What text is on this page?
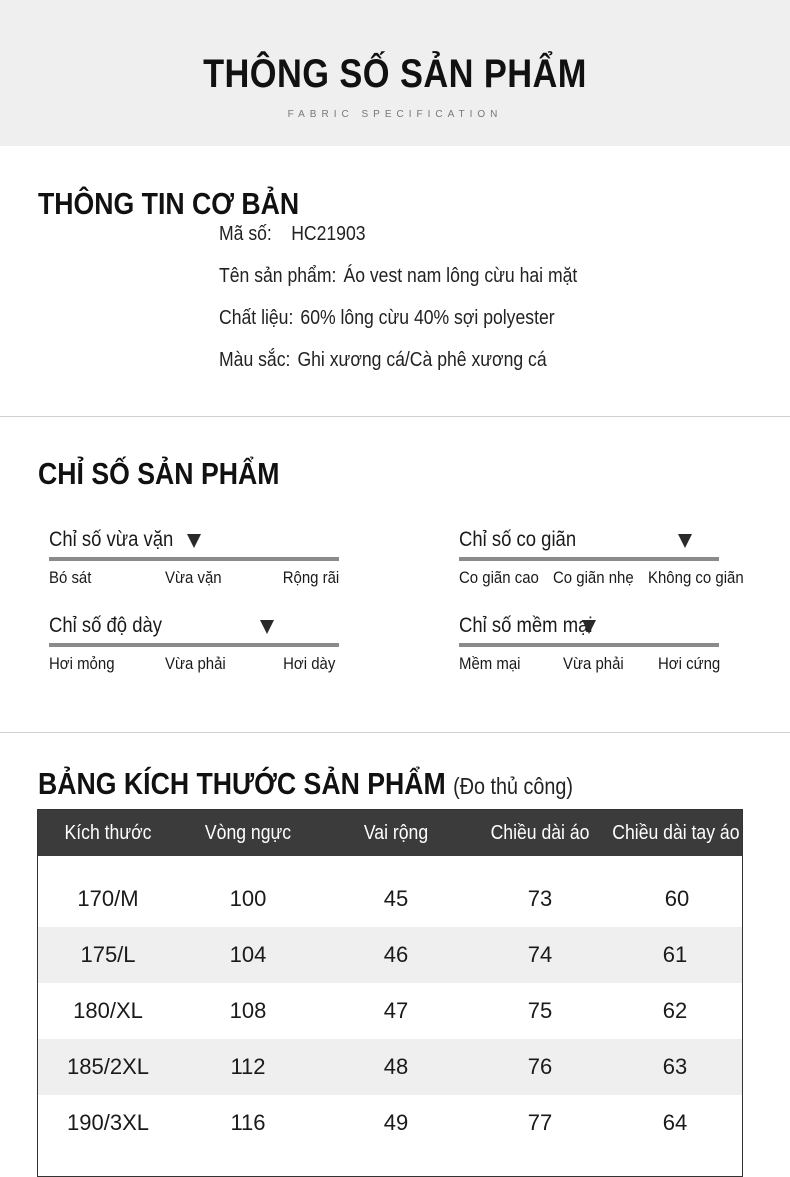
THÔNG SỐ SẢN PHẨM
FABRIC SPECIFICATION
THÔNG TIN CƠ BẢN
Mã số: HC21903
Tên sản phẩm: Áo vest nam lông cừu hai mặt
Chất liệu: 60% lông cừu 40% sợi polyester
Màu sắc: Ghi xương cá/Cà phê xương cá
CHỈ SỐ SẢN PHẨM
Chỉ số vừa vặn
Bó sát	Vừa vặn	Rộng rãi
Chỉ số co giãn
Co giãn cao Co giãn nhẹ Không co giãn
Chỉ số độ dày
Hơi mỏng	Vừa phải	Hơi dày
Chỉ số mềm mại
Mềm mại Vừa phải Hơi cứng
BẢNG KÍCH THƯỚC SẢN PHẨM (Đo thủ công)
Kích thước	Vòng ngực	Vai rộng	Chiều dài áo	Chiều dài tay áo
170/M	100	45	73	60
175/L	104	46	74	61
180/XL	108	47	75	62
185/2XL	112	48	76	63
190/3XL	116	49	77	64
